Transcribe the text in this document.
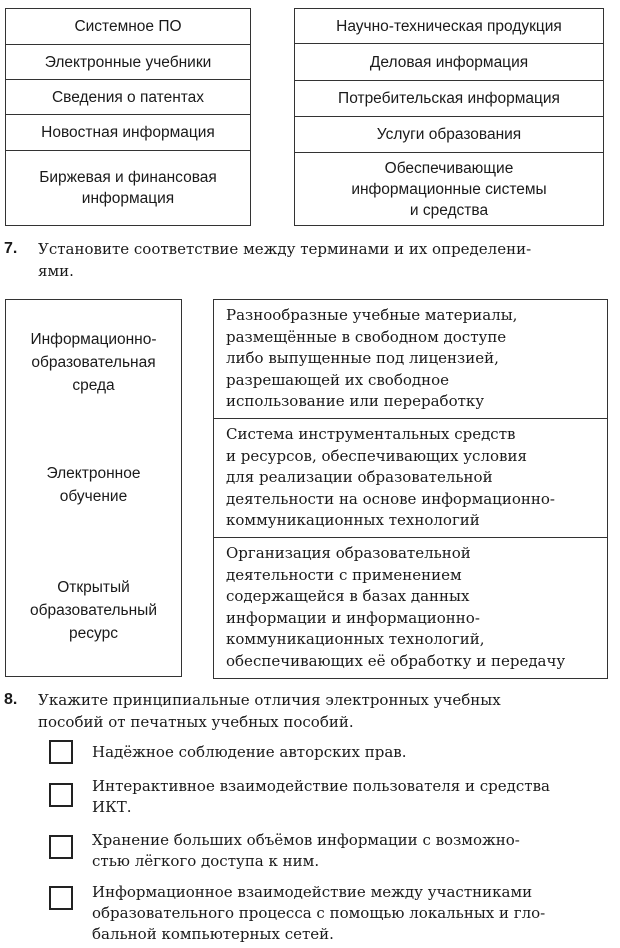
Системное ПО
Электронные учебники
Сведения о патентах
Новостная информация
Биржевая и финансовая
информация
Научно-техническая продукция
Деловая информация
Потребительская информация
Услуги образования
Обеспечивающие
информационные системы
и средства
7. Установите соответствие между терминами и их определени-
ями.
Информационно-
образовательная
среда
Электронное
обучение
Открытый
образовательный
ресурс
Разнообразные учебные материалы,
размещённые в свободном доступе
либо выпущенные под лицензией,
разрешающей их свободное
использование или переработку
Система инструментальных средств
и ресурсов, обеспечивающих условия
для реализации образовательной
деятельности на основе информационно-
коммуникационных технологий
Организация образовательной
деятельности с применением
содержащейся в базах данных
информации и информационно-
коммуникационных технологий,
обеспечивающих её обработку и передачу
8. Укажите принципиальные отличия электронных учебных
пособий от печатных учебных пособий.
Надёжное соблюдение авторских прав.
Интерактивное взаимодействие пользователя и средства
ИКТ.
Хранение больших объёмов информации с возможно-
стью лёгкого доступа к ним.
Информационное взаимодействие между участниками
образовательного процесса с помощью локальных и гло-
бальной компьютерных сетей.
